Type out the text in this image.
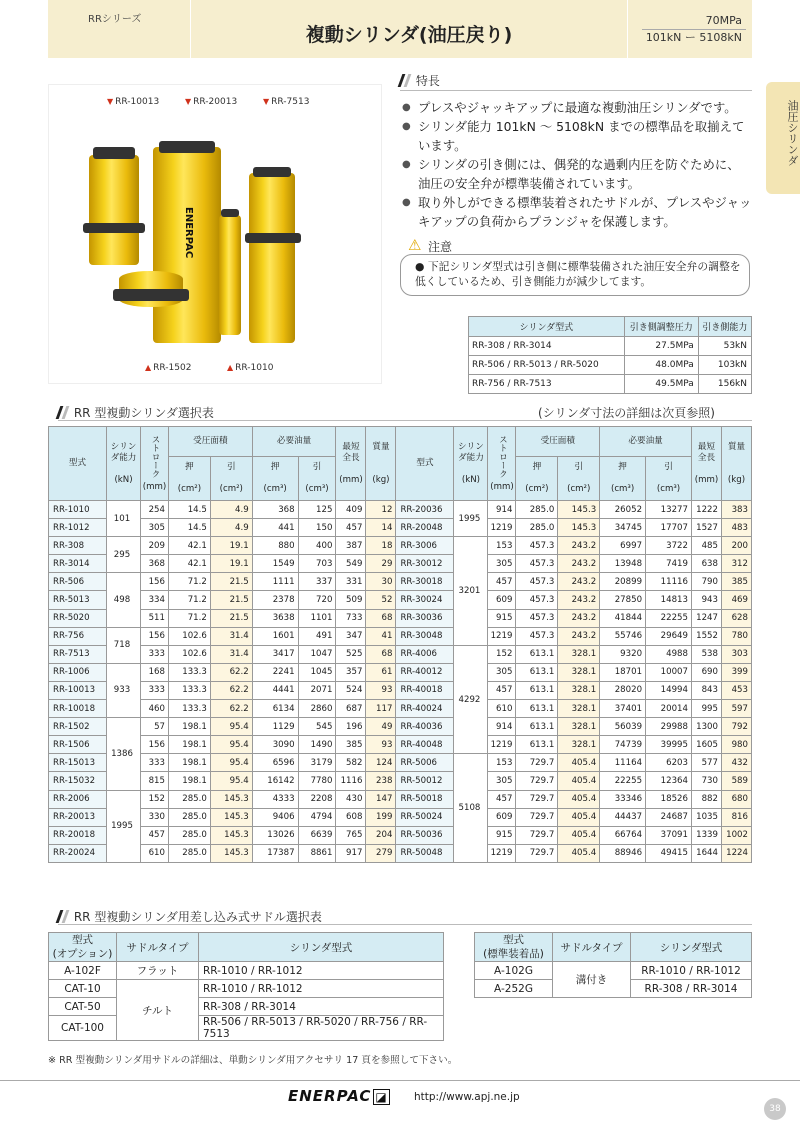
RRシリーズ
複動シリンダ(油圧戻り)
70MPa
101kN ー 5108kN
油圧シリンダ
▼ RR-10013	▼ RR-20013	▼ RR-7513
ENERPAC
▲ RR-1502	▲ RR-1010
特長
● プレスやジャッキアップに最適な複動油圧シリンダです。
● シリンダ能力 101kN 〜 5108kN までの標準品を取揃えています。
● シリンダの引き側には、偶発的な過剰内圧を防ぐために、油圧の安全弁が標準装備されています。
● 取り外しができる標準装着されたサドルが、プレスやジャッキアップの負荷からプランジャを保護します。
⚠ 注意
● 下記シリンダ型式は引き側に標準装備された油圧安全弁の調整を低くしているため、引き側能力が減少してます。
シリンダ型式	引き側調整圧力	引き側能力
RR-308 / RR-3014	27.5MPa	53kN
RR-506 / RR-5013 / RR-5020	48.0MPa	103kN
RR-756 / RR-7513	49.5MPa	156kN
RR 型複動シリンダ選択表	(シリンダ寸法の詳細は次頁参照)
型式	シリン
ダ能力

(kN)	ストローク
(mm)	受圧面積		必要油量		最短
全長

(mm)	質量

(kg)	型式	シリン
ダ能力

(kN)	ストローク
(mm)	受圧面積		必要油量		最短
全長

(mm)	質量

(kg)
			押

(cm²)	引

(cm²)	押

(cm³)	引

(cm³)						押

(cm²)	引

(cm²)	押

(cm³)	引

(cm³)		
RR-1010	101	254	14.5	4.9	368	125	409	12	RR-20036	1995	914	285.0	145.3	26052	13277	1222	383
RR-1012		305	14.5	4.9	441	150	457	14	RR-20048		1219	285.0	145.3	34745	17707	1527	483
RR-308	295	209	42.1	19.1	880	400	387	18	RR-3006	3201	153	457.3	243.2	6997	3722	485	200
RR-3014		368	42.1	19.1	1549	703	549	29	RR-30012		305	457.3	243.2	13948	7419	638	312
RR-506	498	156	71.2	21.5	1111	337	331	30	RR-30018		457	457.3	243.2	20899	11116	790	385
RR-5013		334	71.2	21.5	2378	720	509	52	RR-30024		609	457.3	243.2	27850	14813	943	469
RR-5020		511	71.2	21.5	3638	1101	733	68	RR-30036		915	457.3	243.2	41844	22255	1247	628
RR-756	718	156	102.6	31.4	1601	491	347	41	RR-30048		1219	457.3	243.2	55746	29649	1552	780
RR-7513		333	102.6	31.4	3417	1047	525	68	RR-4006	4292	152	613.1	328.1	9320	4988	538	303
RR-1006	933	168	133.3	62.2	2241	1045	357	61	RR-40012		305	613.1	328.1	18701	10007	690	399
RR-10013		333	133.3	62.2	4441	2071	524	93	RR-40018		457	613.1	328.1	28020	14994	843	453
RR-10018		460	133.3	62.2	6134	2860	687	117	RR-40024		610	613.1	328.1	37401	20014	995	597
RR-1502	1386	57	198.1	95.4	1129	545	196	49	RR-40036		914	613.1	328.1	56039	29988	1300	792
RR-1506		156	198.1	95.4	3090	1490	385	93	RR-40048		1219	613.1	328.1	74739	39995	1605	980
RR-15013		333	198.1	95.4	6596	3179	582	124	RR-5006	5108	153	729.7	405.4	11164	6203	577	432
RR-15032		815	198.1	95.4	16142	7780	1116	238	RR-50012		305	729.7	405.4	22255	12364	730	589
RR-2006	1995	152	285.0	145.3	4333	2208	430	147	RR-50018		457	729.7	405.4	33346	18526	882	680
RR-20013		330	285.0	145.3	9406	4794	608	199	RR-50024		609	729.7	405.4	44437	24687	1035	816
RR-20018		457	285.0	145.3	13026	6639	765	204	RR-50036		915	729.7	405.4	66764	37091	1339	1002
RR-20024		610	285.0	145.3	17387	8861	917	279	RR-50048		1219	729.7	405.4	88946	49415	1644	1224
RR 型複動シリンダ用差し込み式サドル選択表
型式
(オプション)	サドルタイプ	シリンダ型式
A-102F	フラット	RR-1010 / RR-1012
CAT-10	チルト	RR-1010 / RR-1012
CAT-50		RR-308 / RR-3014
CAT-100		RR-506 / RR-5013 / RR-5020 / RR-756 / RR-7513
型式
(標準装着品)	サドルタイプ	シリンダ型式
A-102G	溝付き	RR-1010 / RR-1012
A-252G		RR-308 / RR-3014
※ RR 型複動シリンダ用サドルの詳細は、単動シリンダ用アクセサリ 17 頁を参照して下さい。
ENERPAC ◪	http://www.apj.ne.jp
38
